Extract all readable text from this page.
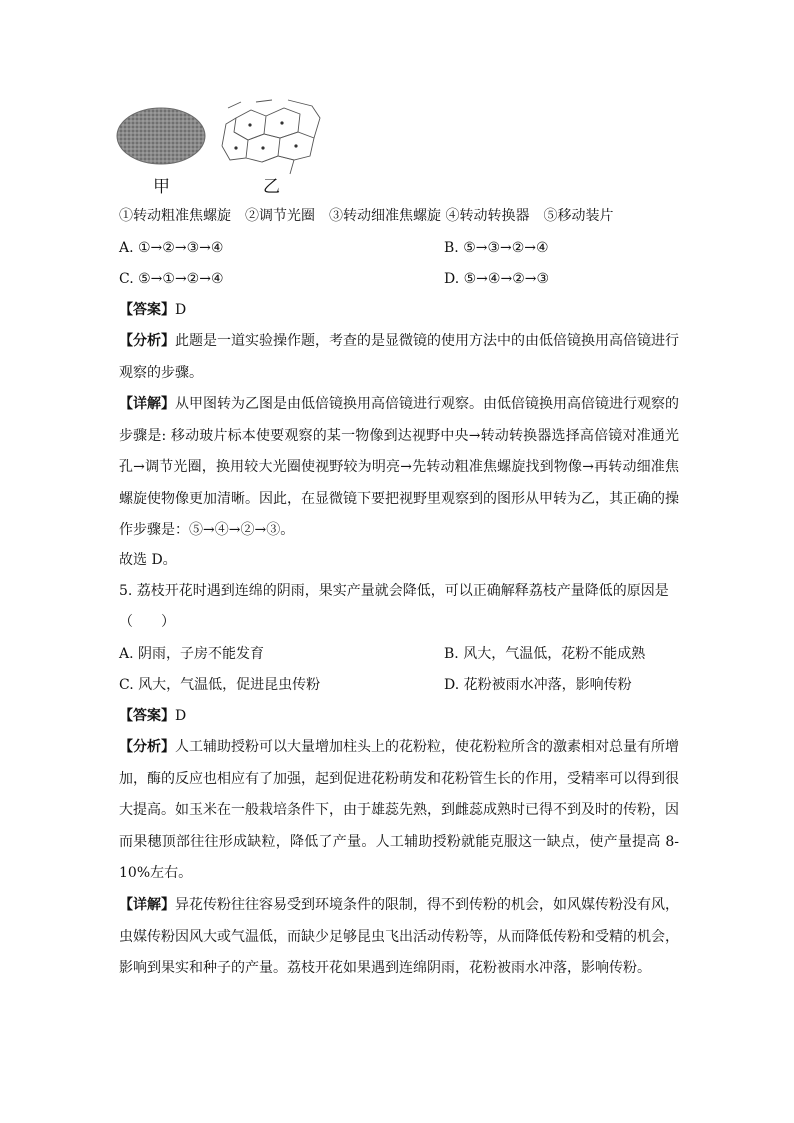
甲	乙
①转动粗准焦螺旋　②调节光圈　③转动细准焦螺旋 ④转动转换器　⑤移动装片
A. ①→②→③→④	B. ⑤→③→②→④
C. ⑤→①→②→④	D. ⑤→④→②→③
【答案】D
【分析】此题是一道实验操作题，考查的是显微镜的使用方法中的由低倍镜换用高倍镜进行观察的步骤。
【详解】从甲图转为乙图是由低倍镜换用高倍镜进行观察。由低倍镜换用高倍镜进行观察的步骤是: 移动玻片标本使要观察的某一物像到达视野中央→转动转换器选择高倍镜对准通光孔→调节光圈，换用较大光圈使视野较为明亮→先转动粗准焦螺旋找到物像→再转动细准焦螺旋使物像更加清晰。因此，在显微镜下要把视野里观察到的图形从甲转为乙，其正确的操作步骤是：⑤→④→②→③。
故选 D。
5. 荔枝开花时遇到连绵的阴雨，果实产量就会降低，可以正确解释荔枝产量降低的原因是
（　　）
A. 阴雨，子房不能发育	B. 风大，气温低，花粉不能成熟
C. 风大，气温低，促进昆虫传粉	D. 花粉被雨水冲落，影响传粉
【答案】D
【分析】人工辅助授粉可以大量增加柱头上的花粉粒，使花粉粒所含的激素相对总量有所增加，酶的反应也相应有了加强，起到促进花粉萌发和花粉管生长的作用，受精率可以得到很大提高。如玉米在一般栽培条件下，由于雄蕊先熟，到雌蕊成熟时已得不到及时的传粉，因而果穗顶部往往形成缺粒，降低了产量。人工辅助授粉就能克服这一缺点，使产量提高 8-10%左右。
【详解】异花传粉往往容易受到环境条件的限制，得不到传粉的机会，如风媒传粉没有风，虫媒传粉因风大或气温低，而缺少足够昆虫飞出活动传粉等，从而降低传粉和受精的机会，影响到果实和种子的产量。荔枝开花如果遇到连绵阴雨，花粉被雨水冲落，影响传粉。
